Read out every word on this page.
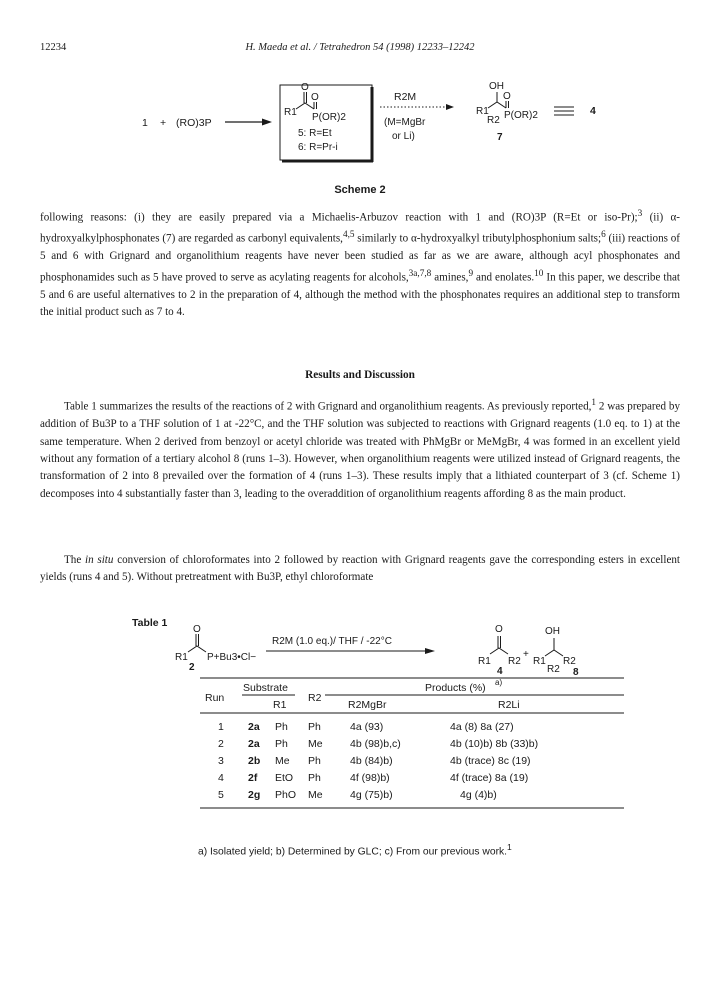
12234	H. Maeda et al. / Tetrahedron 54 (1998) 12233–12242
1 + (RO)3P
O
O
R1 P(OR)2
5: R=Et
6: R=Pr-i
R2M
(M=MgBr
or Li)
OH
O
R1
R2 P(OR)2
7
4
Scheme 2

following reasons: (i) they are easily prepared via a Michaelis-Arbuzov reaction with 1 and (RO)3P (R=Et or iso-Pr);$^3$ (ii) α-hydroxyalkylphosphonates (7) are regarded as carbonyl equivalents,$^{4,5}$ similarly to α-hydroxyalkyl tributylphosphonium salts;$^6$ (iii) reactions of 5 and 6 with Grignard and organolithium reagents have never been studied as far as we are aware, although acyl phosphonates and phosphonamides such as 5 have proved to serve as acylating reagents for alcohols,$^{3a,7,8}$ amines,$^9$ and enolates.$^{10}$ In this paper, we describe that 5 and 6 are useful alternatives to 2 in the preparation of 4, although the method with the phosphonates requires an additional step to transform the initial product such as 7 to 4.

Results and Discussion

Table 1 summarizes the results of the reactions of 2 with Grignard and organolithium reagents. As previously reported,$^1$ 2 was prepared by addition of Bu3P to a THF solution of 1 at -22°C, and the THF solution was subjected to reactions with Grignard reagents (1.0 eq. to 1) at the same temperature. When 2 derived from benzoyl or acetyl chloride was treated with PhMgBr or MeMgBr, 4 was formed in an excellent yield without any formation of a tertiary alcohol 8 (runs 1–3). However, when organolithium reagents were utilized instead of Grignard reagents, the transformation of 2 into 8 prevailed over the formation of 4 (runs 1–3). These results imply that a lithiated counterpart of 3 (cf. Scheme 1) decomposes into 4 substantially faster than 3, leading to the overaddition of organolithium reagents affording 8 as the main product.

The in situ conversion of chloroformates into 2 followed by reaction with Grignard reagents gave the corresponding esters in excellent yields (runs 4 and 5). Without pretreatment with Bu3P, ethyl chloroformate

Table 1
O
R1 P+Bu3•Cl−
2
R2M (1.0 eq.)/ THF / -22°C
O
R1 R2
+
4
OH
R1 R2
R2 8
Run
Substrate
R1
R2
Products (%) a)
R2MgBr	R2Li
1 2a Ph Ph	4a (93)	4a (8) 8a (27)
2 2a Ph Me	4b (98)b,c)	4b (10)b) 8b (33)b)
3 2b Me Ph	4b (84)b)	4b (trace) 8c (19)
4 2f EtO Ph	4f (98)b)	4f (trace) 8a (19)
5 2g PhO Me	4g (75)b)	4g (4)b)
a) Isolated yield; b) Determined by GLC; c) From our previous work.$^1$
